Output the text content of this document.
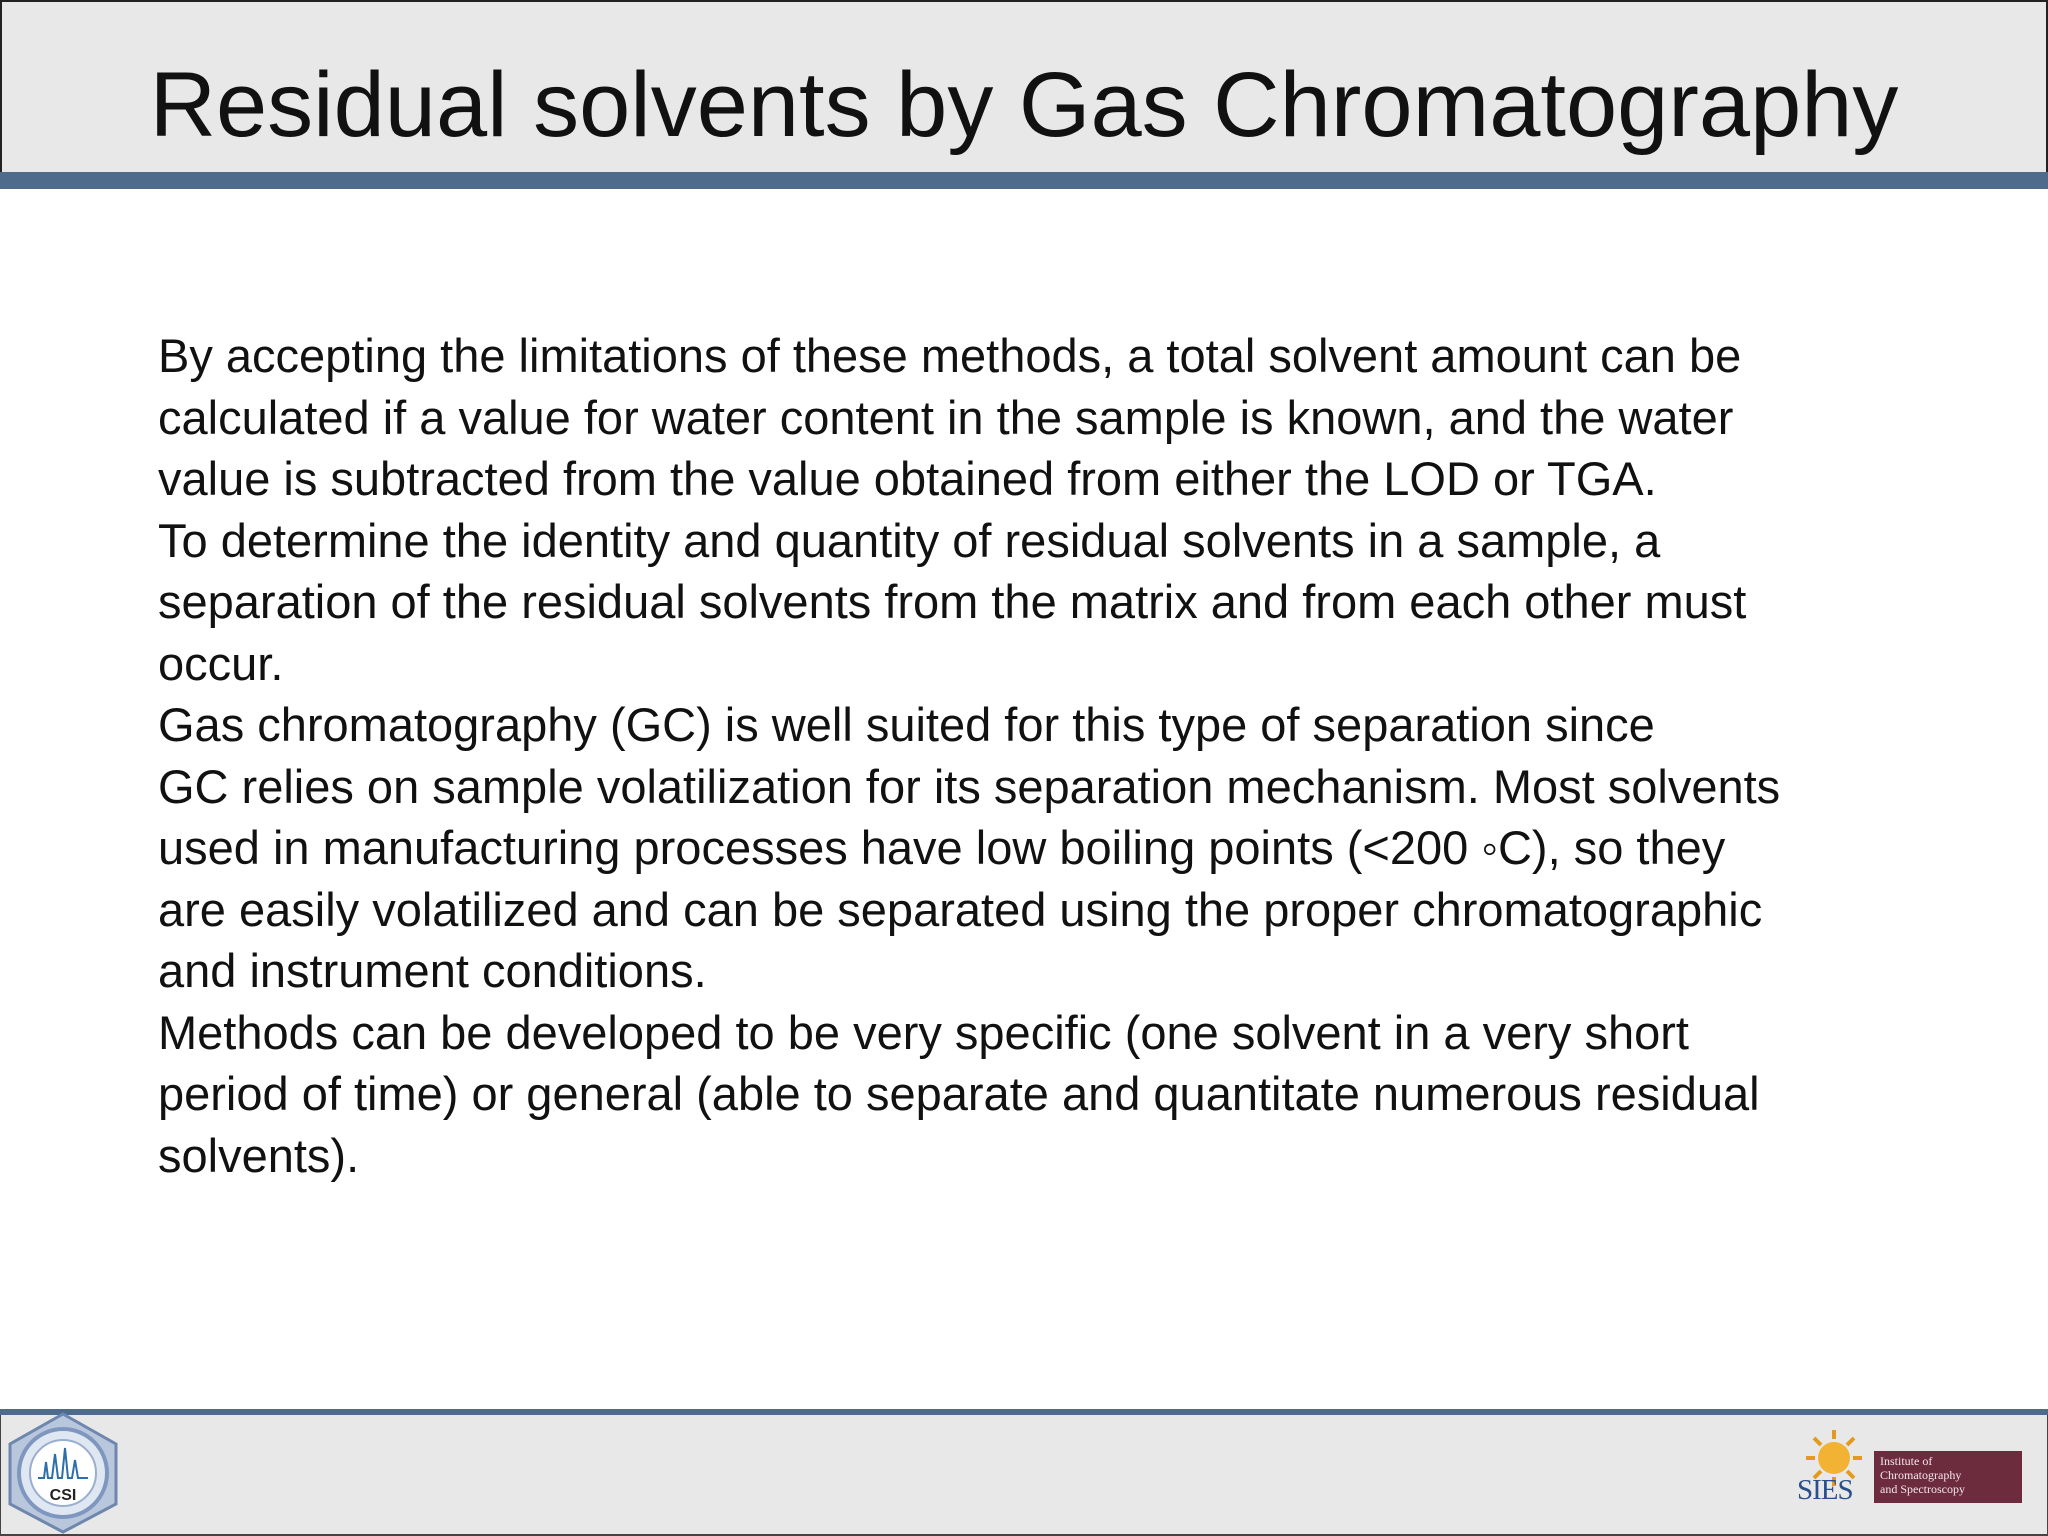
Residual solvents by Gas Chromatography

By accepting the limitations of these methods, a total solvent amount can be
calculated if a value for water content in the sample is known, and the water
value is subtracted from the value obtained from either the LOD or TGA.

To determine the identity and quantity of residual solvents in a sample, a
separation of the residual solvents from the matrix and from each other must
occur.

Gas chromatography (GC) is well suited for this type of separation since
GC relies on sample volatilization for its separation mechanism. Most solvents
used in manufacturing processes have low boiling points (<200 ◦C), so they
are easily volatilized and can be separated using the proper chromatographic
and instrument conditions.

Methods can be developed to be very specific (one solvent in a very short
period of time) or general (able to separate and quantitate numerous residual
solvents).

CSI	SIES
Institute of
Chromatography
and Spectroscopy
